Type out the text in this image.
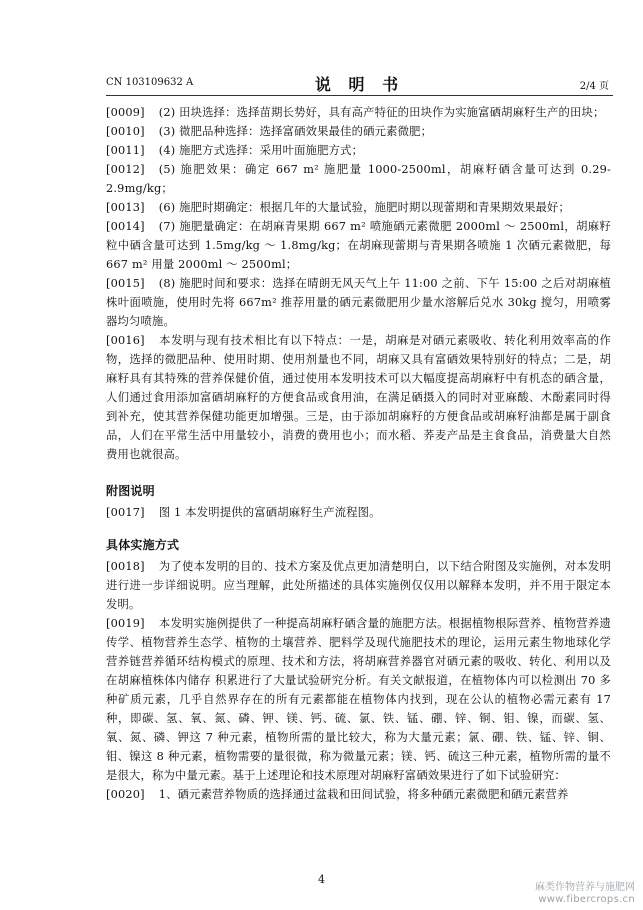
CN 103109632 A	说 明 书	2/4 页

[0009] (2) 田块选择：选择苗期长势好，具有高产特征的田块作为实施富硒胡麻籽生产的田块；

[0010] (3) 微肥品种选择：选择富硒效果最佳的硒元素微肥；

[0011] (4) 施肥方式选择：采用叶面施肥方式；

[0012] (5) 施肥效果：确定 667 m² 施肥量 1000-2500ml，胡麻籽硒含量可达到 0.29-2.9mg/kg；

[0013] (6) 施肥时期确定：根据几年的大量试验，施肥时期以现蕾期和青果期效果最好；

[0014] (7) 施肥量确定：在胡麻青果期 667 m² 喷施硒元素微肥 2000ml ～ 2500ml，胡麻籽粒中硒含量可达到 1.5mg/kg ～ 1.8mg/kg；在胡麻现蕾期与青果期各喷施 1 次硒元素微肥，每 667 m² 用量 2000ml ～ 2500ml；

[0015] (8) 施肥时间和要求：选择在晴朗无风天气上午 11:00 之前、下午 15:00 之后对胡麻植株叶面喷施，使用时先将 667m² 推荐用量的硒元素微肥用少量水溶解后兑水 30kg 搅匀，用喷雾器均匀喷施。

[0016] 本发明与现有技术相比有以下特点：一是，胡麻是对硒元素吸收、转化利用效率高的作物，选择的微肥品种、使用时期、使用剂量也不同，胡麻又具有富硒效果特别好的特点；二是，胡麻籽具有其特殊的营养保健价值，通过使用本发明技术可以大幅度提高胡麻籽中有机态的硒含量，人们通过食用添加富硒胡麻籽的方便食品或食用油，在满足硒摄入的同时对亚麻酸、木酚素同时得到补充，使其营养保健功能更加增强。三是，由于添加胡麻籽的方便食品或胡麻籽油都是属于副食品，人们在平常生活中用量较小，消费的费用也小；而水稻、荞麦产品是主食食品，消费量大自然费用也就很高。

附图说明

[0017] 图 1 本发明提供的富硒胡麻籽生产流程图。

具体实施方式

[0018] 为了使本发明的目的、技术方案及优点更加清楚明白，以下结合附图及实施例，对本发明进行进一步详细说明。应当理解，此处所描述的具体实施例仅仅用以解释本发明，并不用于限定本发明。

[0019] 本发明实施例提供了一种提高胡麻籽硒含量的施肥方法。根据植物根际营养、植物营养遗传学、植物营养生态学、植物的土壤营养、肥料学及现代施肥技术的理论，运用元素生物地球化学营养链营养循环结构模式的原理、技术和方法，将胡麻营养器官对硒元素的吸收、转化、利用以及在胡麻植株体内储存 积累进行了大量试验研究分析。有关文献报道，在植物体内可以检测出 70 多种矿质元素，几乎自然界存在的所有元素都能在植物体内找到，现在公认的植物必需元素有 17 种，即碳、氢、氧、氮、磷、钾、镁、钙、硫、氯、铁、锰、硼、锌、铜、钼、镍，而碳、氢、氧、氮、磷、钾这 7 种元素，植物所需的量比较大，称为大量元素；氯、硼、铁、锰、锌、铜、钼、镍这 8 种元素，植物需要的量很微，称为微量元素；镁、钙、硫这三种元素，植物所需的量不是很大，称为中量元素。基于上述理论和技术原理对胡麻籽富硒效果进行了如下试验研究：

[0020] 1、硒元素营养物质的选择通过盆栽和田间试验，将多种硒元素微肥和硒元素营养

4
麻类作物营养与施肥网
www.fibercrops.cn
